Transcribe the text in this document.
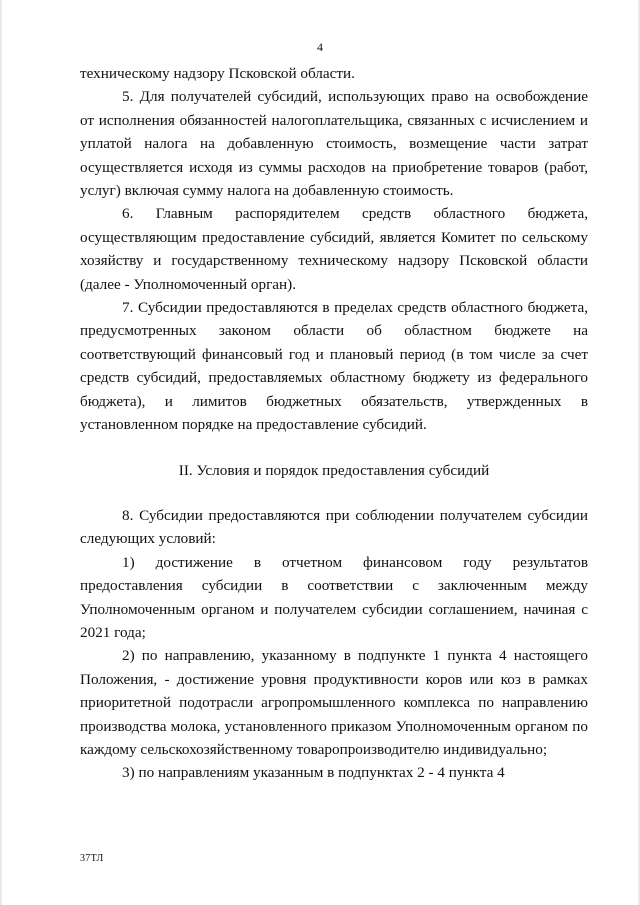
4

техническому надзору Псковской области.

5. Для получателей субсидий, использующих право на освобождение от исполнения обязанностей налогоплательщика, связанных с исчислением и уплатой налога на добавленную стоимость, возмещение части затрат осуществляется исходя из суммы расходов на приобретение товаров (работ, услуг) включая сумму налога на добавленную стоимость.

6. Главным распорядителем средств областного бюджета, осуществляющим предоставление субсидий, является Комитет по сельскому хозяйству и государственному техническому надзору Псковской области (далее - Уполномоченный орган).

7. Субсидии предоставляются в пределах средств областного бюджета, предусмотренных законом области об областном бюджете на соответствующий финансовый год и плановый период (в том числе за счет средств субсидий, предоставляемых областному бюджету из федерального бюджета), и лимитов бюджетных обязательств, утвержденных в установленном порядке на предоставление субсидий.

II. Условия и порядок предоставления субсидий

8. Субсидии предоставляются при соблюдении получателем субсидии следующих условий:

1) достижение в отчетном финансовом году результатов предоставления субсидии в соответствии с заключенным между Уполномоченным органом и получателем субсидии соглашением, начиная с 2021 года;

2) по направлению, указанному в подпункте 1 пункта 4 настоящего Положения, - достижение уровня продуктивности коров или коз в рамках приоритетной подотрасли агропромышленного комплекса по направлению производства молока, установленного приказом Уполномоченным органом по каждому сельскохозяйственному товаропроизводителю индивидуально;

3) по направлениям указанным в подпунктах 2 - 4 пункта 4

37ТЛ
